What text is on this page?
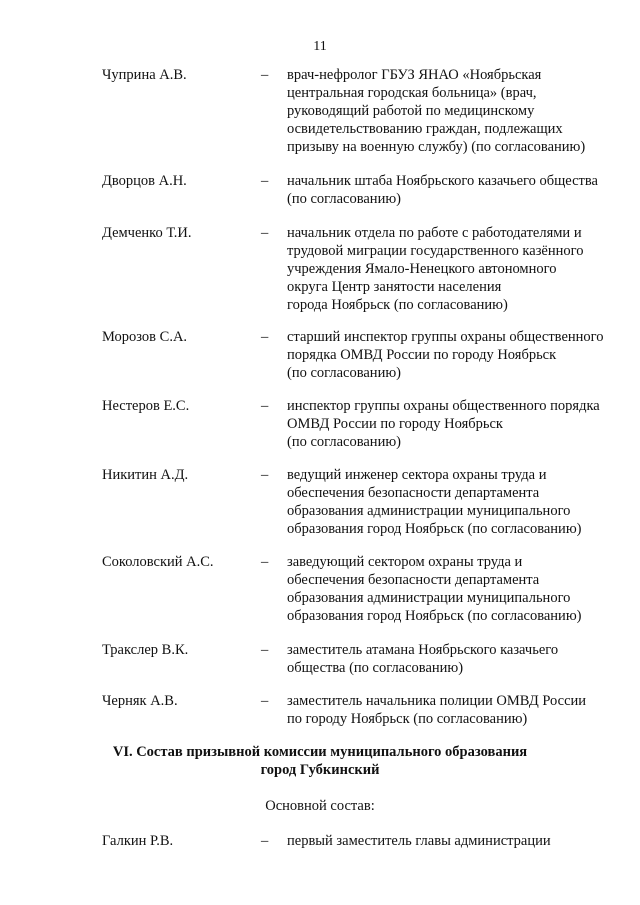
11
Чуприна А.В.	– врач-нефролог ГБУЗ ЯНАО «Ноябрьская
центральная городская больница» (врач,
руководящий работой по медицинскому
освидетельствованию граждан, подлежащих
призыву на военную службу) (по согласованию)
Дворцов А.Н.	– начальник штаба Ноябрьского казачьего общества
(по согласованию)
Демченко Т.И.	– начальник отдела по работе с работодателями и
трудовой миграции государственного казённого
учреждения Ямало-Ненецкого автономного
округа Центр занятости населения
города Ноябрьск (по согласованию)
Морозов С.А.	– старший инспектор группы охраны общественного
порядка ОМВД России по городу Ноябрьск
(по согласованию)
Нестеров Е.С.	– инспектор группы охраны общественного порядка
ОМВД России по городу Ноябрьск
(по согласованию)
Никитин А.Д.	– ведущий инженер сектора охраны труда и
обеспечения безопасности департамента
образования администрации муниципального
образования город Ноябрьск (по согласованию)
Соколовский А.С.	– заведующий сектором охраны труда и
обеспечения безопасности департамента
образования администрации муниципального
образования город Ноябрьск (по согласованию)
Тракслер В.К.	– заместитель атамана Ноябрьского казачьего
общества (по согласованию)
Черняк А.В.	– заместитель начальника полиции ОМВД России
по городу Ноябрьск (по согласованию)
VI. Состав призывной комиссии муниципального образования
город Губкинский
Основной состав:
Галкин Р.В.	– первый заместитель главы администрации
